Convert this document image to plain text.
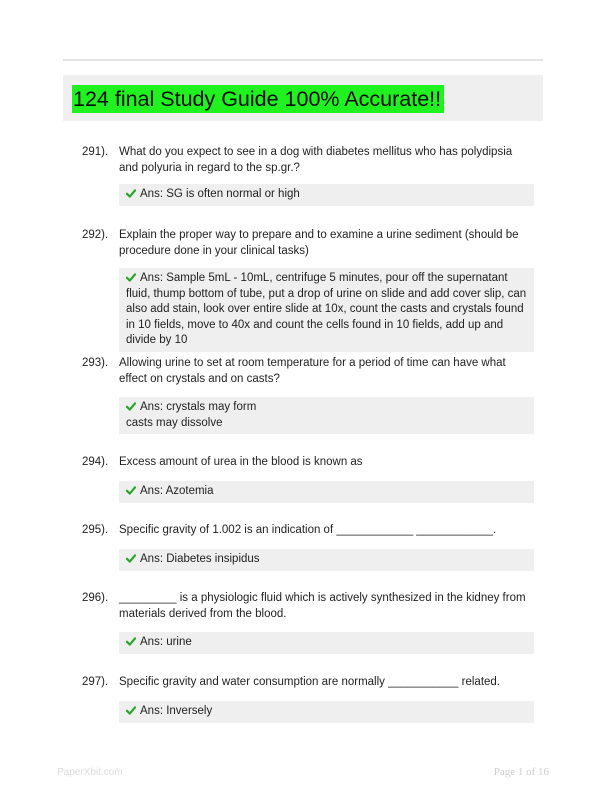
124 final Study Guide 100% Accurate!!
291). What do you expect to see in a dog with diabetes mellitus who has polydipsia and polyuria in regard to the sp.gr.?
Ans: SG is often normal or high
292). Explain the proper way to prepare and to examine a urine sediment (should be procedure done in your clinical tasks)
Ans: Sample 5mL - 10mL, centrifuge 5 minutes, pour off the supernatant fluid, thump bottom of tube, put a drop of urine on slide and add cover slip, can also add stain, look over entire slide at 10x, count the casts and crystals found in 10 fields, move to 40x and count the cells found in 10 fields, add up and divide by 10
293). Allowing urine to set at room temperature for a period of time can have what effect on crystals and on casts?
Ans: crystals may form
casts may dissolve
294). Excess amount of urea in the blood is known as
Ans: Azotemia
295). Specific gravity of 1.002 is an indication of ____________ ____________.
Ans: Diabetes insipidus
296). _________ is a physiologic fluid which is actively synthesized in the kidney from materials derived from the blood.
Ans: urine
297). Specific gravity and water consumption are normally ___________ related.
Ans: Inversely
PaperXbit.com	Page 1 of 16
